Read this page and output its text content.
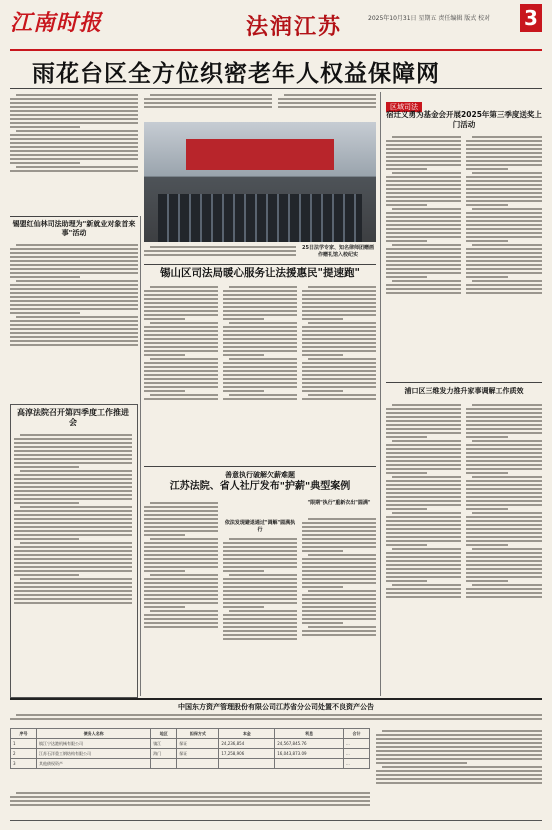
江南时报	法润江苏	2025年10月31日 星期五 责任编辑 版式 校对 3
雨花台区全方位织密老年人权益保障网
25日法学专家、知名律师团赠画作赠礼馆入校纪实
锡盟红仙林司法助理为"新就业对象首来事"活动
高淳法院召开第四季度工作推进会
锡山区司法局暖心服务让法援惠民"提速跑"
善意执行破解欠薪难题
江苏法院、省人社厅发布"护薪"典型案例
依法发现避退通过"调解"圆满执行
"限期"执行"重新衣出"圆满"
区域司法
宿迁义勇为基金会开展2025年第三季度送奖上门活动
浦口区三维发力推升家事调解工作质效
中国东方资产管理股份有限公司江苏省分公司处置不良资产公告
序号	债务人名称	地区	担保方式	本金	利息	合计
1	镇江宁达港机械有限公司	镇江	保证	24,236,854	24,567,845.76	...
2	江苏石洋重工钢结构有限公司	海门	保证	17,258,906	16,043,873.09	...
3	其他债权资产					...
